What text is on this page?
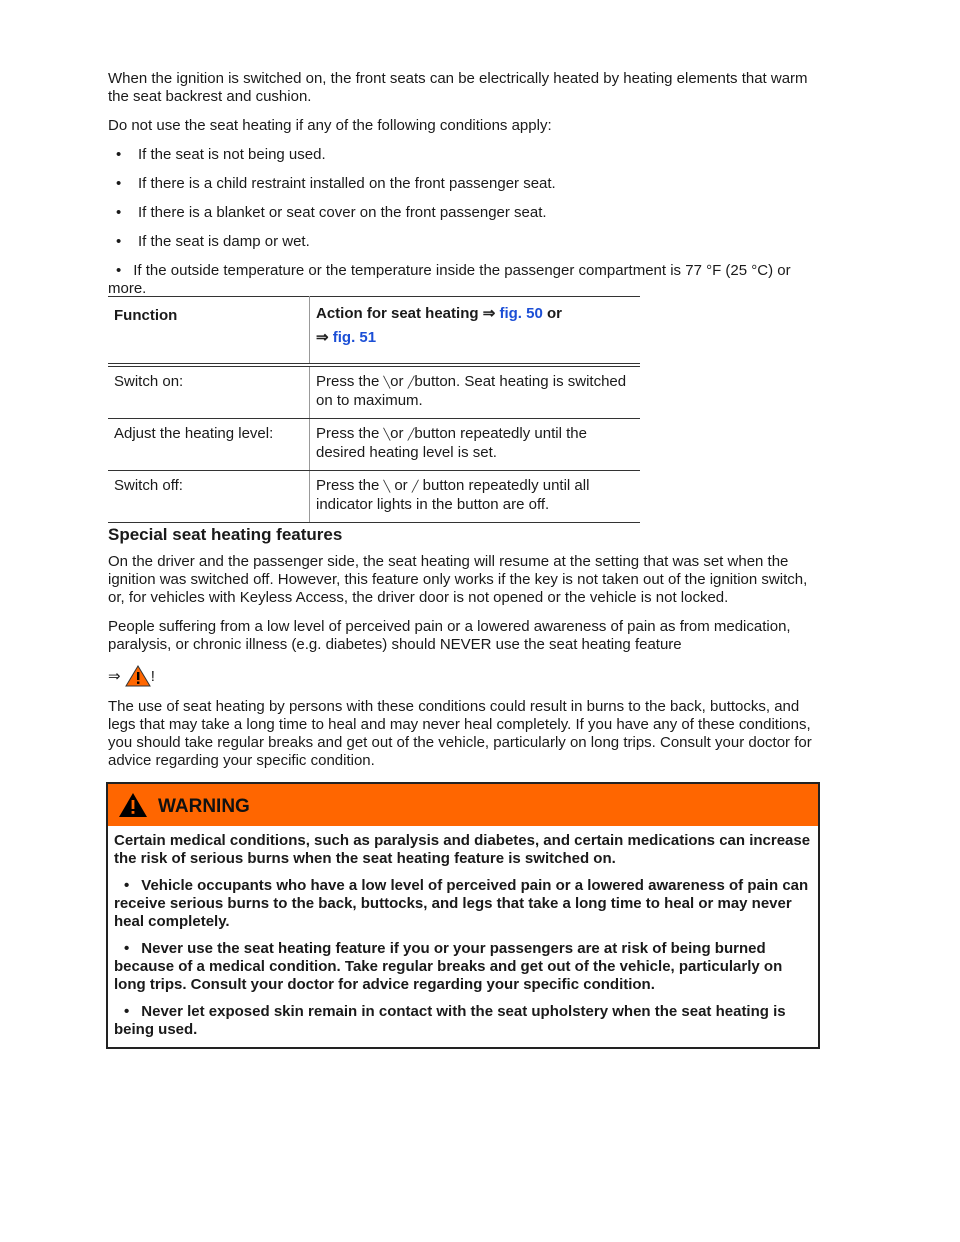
When the ignition is switched on, the front seats can be electrically heated by heating elements that warm the seat backrest and cushion.

Do not use the seat heating if any of the following conditions apply:

• If the seat is not being used.
• If there is a child restraint installed on the front passenger seat.
• If there is a blanket or seat cover on the front passenger seat.
• If the seat is damp or wet.
• If the outside temperature or the temperature inside the passenger compartment is 77 °F (25 °C) or more.
Function	Action for seat heating ⇒ fig. 50 or
⇒ fig. 51

Switch on:	Press the ╲or ╱button. Seat heating is switched on to maximum.
Adjust the heating level:	Press the ╲or ╱button repeatedly until the desired heating level is set.
Switch off:	Press the ╲ or ╱ button repeatedly until all indicator lights in the button are off.
Special seat heating features

On the driver and the passenger side, the seat heating will resume at the setting that was set when the ignition was switched off. However, this feature only works if the key is not taken out of the ignition switch, or, for vehicles with Keyless Access, the driver door is not opened or the vehicle is not locked.

People suffering from a low level of perceived pain or a lowered awareness of pain as from medication, paralysis, or chronic illness (e.g. diabetes) should NEVER use the seat heating feature

⇒ !

The use of seat heating by persons with these conditions could result in burns to the back, buttocks, and legs that may take a long time to heal and may never heal completely. If you have any of these conditions, you should take regular breaks and get out of the vehicle, particularly on long trips. Consult your doctor for advice regarding your specific condition.

WARNING

Certain medical conditions, such as paralysis and diabetes, and certain medications can increase the risk of serious burns when the seat heating feature is switched on.

• Vehicle occupants who have a low level of perceived pain or a lowered awareness of pain can receive serious burns to the back, buttocks, and legs that take a long time to heal or may never heal completely.

• Never use the seat heating feature if you or your passengers are at risk of being burned because of a medical condition. Take regular breaks and get out of the vehicle, particularly on long trips. Consult your doctor for advice regarding your specific condition.

• Never let exposed skin remain in contact with the seat upholstery when the seat heating is being used.
